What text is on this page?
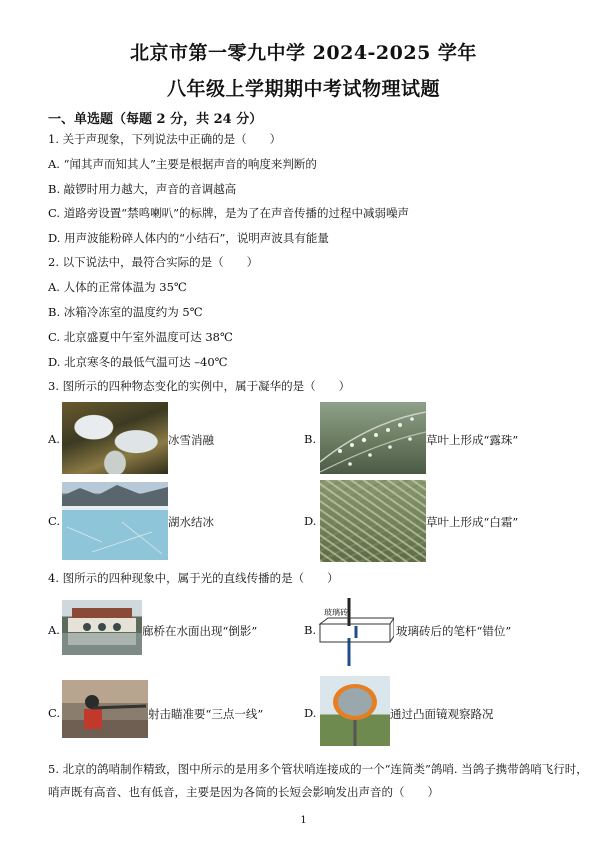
北京市第一零九中学 2024-2025 学年
八年级上学期期中考试物理试题
一、单选题（每题 2 分，共 24 分）
1. 关于声现象，下列说法中正确的是（　　）
A. “闻其声而知其人”主要是根据声音的响度来判断的
B. 敲锣时用力越大，声音的音调越高
C. 道路旁设置“禁鸣喇叭”的标牌，是为了在声音传播的过程中减弱噪声
D. 用声波能粉碎人体内的“小结石”，说明声波具有能量
2. 以下说法中，最符合实际的是（　　）
A. 人体的正常体温为 35℃
B. 冰箱冷冻室的温度约为 5℃
C. 北京盛夏中午室外温度可达 38℃
D. 北京寒冬的最低气温可达 –40℃
3. 图所示的四种物态变化的实例中，属于凝华的是（　　）
A.	冰雪消融	B.	草叶上形成“露珠”
C.	湖水结冰	D.	草叶上形成“白霜”
4. 图所示的四种现象中，属于光的直线传播的是（　　）
A.	廊桥在水面出现“倒影”	B.
玻璃砖
玻璃砖后的笔杆“错位”
C.	射击瞄准要“三点一线”	D.	通过凸面镜观察路况
5. 北京的鸽哨制作精致，图中所示的是用多个管状哨连接成的一个“连筒类”鸽哨. 当鸽子携带鸽哨飞行时，
哨声既有高音、也有低音，主要是因为各筒的长短会影响发出声音的（　　）
1
